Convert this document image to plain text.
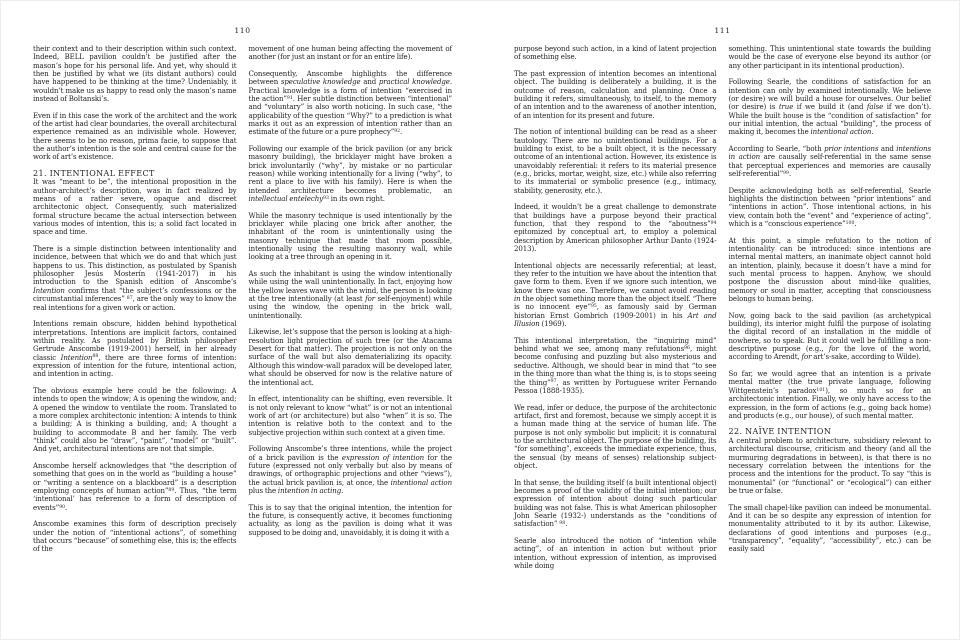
110

their context and to their description within such context. Indeed, BELL pavilion couldn’t be justified after the mason’s hope for his personal life. And yet, why should it then be justified by what we (its distant authors) could have happened to be thinking at the time? Undeniably, it wouldn’t make us as happy to read only the mason’s name instead of Boltanski’s.

Even if in this case the work of the architect and the work of the artist had clear boundaries, the overall architectural experience remained as an indivisible whole. However, there seems to be no reason, prima facie, to suppose that the author’s intention is the sole and central cause for the work of art’s existence.

21. INTENTIONAL EFFECT

It was “meant to be”, the intentional proposition in the author-architect’s description, was in fact realized by means of a rather severe, opaque and discreet architectonic object. Consequently, such materialized formal structure became the actual intersection between various modes of intention, this is; a solid fact located in space and time.

There is a simple distinction between intentionality and incidence, between that which we do and that which just happens to us. This distinction, as postulated by Spanish philosopher Jesús Mosterín (1941-2017) in his introduction to the Spanish edition of Anscombe’s Intention confirms that “the subject’s confessions or the circumstantial inferences” $^{87}$, are the only way to know the real intentions for a given work or action.

Intentions remain obscure, hidden behind hypothetical interpretations. Intentions are implicit factors, contained within reality. As postulated by British philosopher Gertrude Anscombe (1919-2001) herself, in her already classic Intention$^{88}$, there are three forms of intention: expression of intention for the future, intentional action, and intention in acting.

The obvious example here could be the following: A intends to open the window; A is opening the window, and; A opened the window to ventilate the room. Translated to a more complex architectonic intention: A intends to think a building; A is thinking a building, and; A thought a building to accommodate B and her family. The verb “think” could also be “draw”, “paint”, “model” or “built”. And yet, architectural intentions are not that simple.

Anscombe herself acknowledges that “the description of something that goes on in the world as “building a house” or “writing a sentence on a blackboard” is a description employing concepts of human action”$^{89}$. Thus, “the term ‘intentional’ has reference to a form of description of events”$^{90}$.

Anscombe examines this form of description precisely under the notion of “intentional actions”, of something that occurs “because” of something else, this is; the effects of the

movement of one human being affecting the movement of another (for just an instant or for an entire life).

Consequently, Anscombe highlights the difference between speculative knowledge and practical knowledge. Practical knowledge is a form of intention “exercised in the action”$^{91}$. Her subtle distinction between “intentional” and “voluntary” is also worth noticing. In such case, “the applicability of the question “Why?” to a prediction is what marks it out as an expression of intention rather than an estimate of the future or a pure prophecy”$^{92}$.

Following our example of the brick pavilion (or any brick masonry building), the bricklayer might have broken a brick involuntarily (“why”, by mistake or no particular reason) while working intentionally for a living (“why”, to rent a place to live with his family). Here is when the intended architecture becomes problematic, an intellectual entelechy$^{93}$ in its own right.

While the masonry technique is used intentionally by the bricklayer while placing one brick after another, the inhabitant of the room is unintentionally using the masonry technique that made that room possible, intentionally using the resulting masonry wall, while looking at a tree through an opening in it.

As such the inhabitant is using the window intentionally while using the wall unintentionally. In fact, enjoying how the yellow leaves wave with the wind, the person is looking at the tree intentionally (at least for self-enjoyment) while using the window, the opening in the brick wall, unintentionally.

Likewise, let’s suppose that the person is looking at a high-resolution light projection of such tree (or the Atacama Desert for that matter). The projection is not only on the surface of the wall but also dematerializing its opacity. Although this window-wall paradox will be developed later, what should be observed for now is the relative nature of the intentional act.

In effect, intentionality can be shifting, even reversible. It is not only relevant to know “what” is or not an intentional work of art (or architecture) but also “when” it is so. The intention is relative both to the context and to the subjective projection within such context at a given time.

Following Anscombe’s three intentions, while the project of a brick pavilion is the expression of intention for the future (expressed not only verbally but also by means of drawings, of orthographic projections and other “views”), the actual brick pavilion is, at once, the intentional action plus the intention in acting.

This is to say that the original intention, the intention for the future, is consequently active, it becomes functioning actuality, as long as the pavilion is doing what it was supposed to be doing and, unavoidably, it is doing it with a

111

purpose beyond such action, in a kind of latent projection of something else.

The past expression of intention becomes an intentional object. The building is deliberately a building, it is the outcome of reason, calculation and planning. Once a building it refers, simultaneously, to itself, to the memory of an intention and to the awareness of another intention, of an intention for its present and future.

The notion of intentional building can be read as a sheer tautology. There are no unintentional buildings. For a building to exist, to be a built object, it is the necessary outcome of an intentional action. However, its existence is unavoidably referential: it refers to its material presence (e.g., bricks, mortar, weight, size, etc.) while also referring to its immaterial or symbolic presence (e.g., intimacy, stability, generosity, etc.).

Indeed, it wouldn’t be a great challenge to demonstrate that buildings have a purpose beyond their practical function, that they respond to the “aboutness”$^{94}$ epitomized by conceptual art, to employ a polemical description by American philosopher Arthur Danto (1924-2013).

Intentional objects are necessarily referential; at least, they refer to the intuition we have about the intention that gave form to them. Even if we ignore such intention, we know there was one. Therefore, we cannot avoid reading in the object something more than the object itself. “There is no innocent eye”$^{95}$, as famously said by German historian Ernst Gombrich (1909-2001) in his Art and Illusion (1969).

This intentional interpretation, the “inquiring mind” behind what we see, among many refutations$^{96}$, might become confusing and puzzling but also mysterious and seductive. Although, we should bear in mind that “to see in the thing more than what the thing is, is to stops seeing the thing”$^{97}$, as written by Portuguese writer Fernando Pessoa (1888-1935).

We read, infer or deduce, the purpose of the architectonic artifact, first and foremost, because we simply accept it is a human made thing at the service of human life. The purpose is not only symbolic but implicit; it is connatural to the architectural object. The purpose of the building, its “for something”, exceeds the immediate experience, thus, the sensual (by means of senses) relationship subject-object.

In that sense, the building itself (a built intentional object) becomes a proof of the validity of the initial intention; our expression of intention about doing such particular building was not false. This is what American philosopher John Searle (1932-) understands as the “conditions of satisfaction” $^{98}$.

Searle also introduced the notion of “intention while acting”, of an intention in action but without prior intention, without expression of intention, as improvised while doing

something. This unintentional state towards the building would be the case of everyone else beyond its author (or any other participant in its intentional production).

Following Searle, the conditions of satisfaction for an intention can only by examined intentionally. We believe (or desire) we will build a house for ourselves. Our belief (or desire) is true if we build it (and false if we don’t). While the built house is the “condition of satisfaction” for our initial intention, the actual “building”, the process of making it, becomes the intentional action.

According to Searle, “both prior intentions and intentions in action are causally self-referential in the same sense that perceptual experiences and memories are causally self-referential”$^{99}$.

Despite acknowledging both as self-referential, Searle highlights the distinction between “prior intentions” and “intentions in action”. Those intentional actions, in his view, contain both the “event” and “experience of acting”, which is a “conscious experience”$^{100}$.

At this point, a simple refutation to the notion of intentionality can be introduced: since intentions are internal mental matters, an inanimate object cannot hold an intention, plainly, because it doesn’t have a mind for such mental process to happen. Anyhow, we should postpone the discussion about mind-like qualities, memory or soul in matter, accepting that consciousness belongs to human being.

Now, going back to the said pavilion (as archetypical building), its interior might fulfil the purpose of isolating the digital record of an installation in the middle of nowhere, so to speak. But it could well be fulfilling a non-descriptive purpose (e.g., for the love of the world, according to Arendt, for art’s-sake, according to Wilde).

So far, we would agree that an intention is a private mental matter (the true private language, following Wittgenstein’s paradox$^{101}$), so much so for an architectonic intention. Finally, we only have access to the expression, in the form of actions (e.g., going back home) and products (e.g., our house), of such mental matter.

22. NAÏVE INTENTION

A central problem to architecture, subsidiary relevant to architectural discourse, criticism and theory (and all the murmuring degradations in between), is that there is no necessary correlation between the intentions for the process and the intentions for the product. To say “this is monumental” (or “functional” or “ecological”) can either be true or false.

The small chapel-like pavilion can indeed be monumental. And it can be so despite any expression of intention for monumentality attributed to it by its author. Likewise, declarations of good intentions and purposes (e.g., “transparency”, “equality”, “accessibility”, etc.) can be easily said
